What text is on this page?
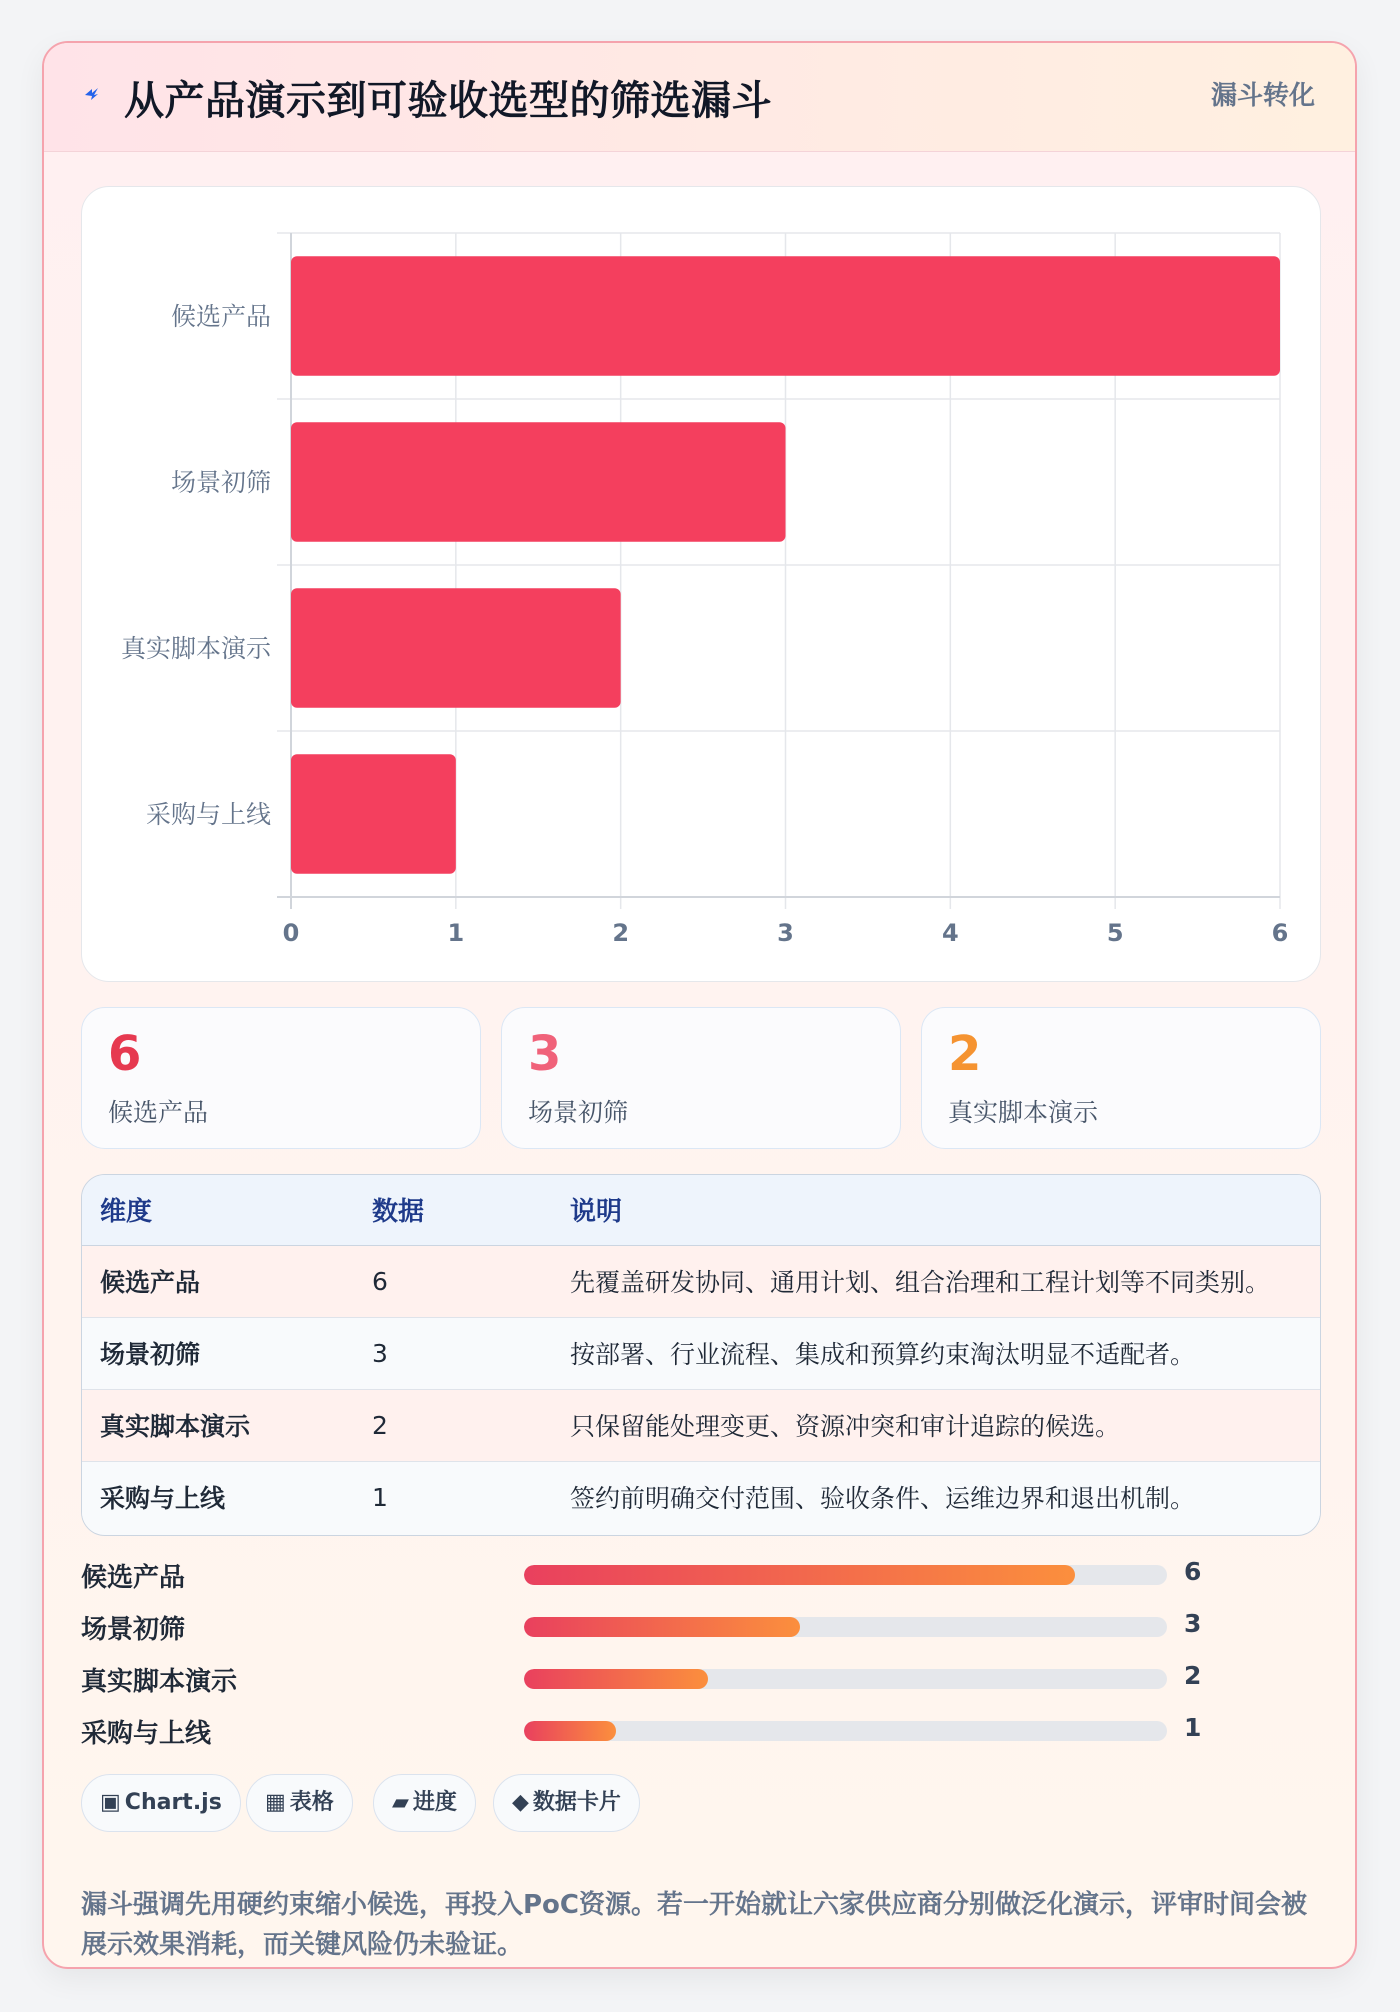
从产品演示到可验收选型的筛选漏斗	漏斗转化
候选产品
场景初筛
真实脚本演示
采购与上线
0	1	2	3	4	5	6
6
候选产品
3
场景初筛
2
真实脚本演示
维度	数据	说明
候选产品	6	先覆盖研发协同、通用计划、组合治理和工程计划等不同类别。
场景初筛	3	按部署、行业流程、集成和预算约束淘汰明显不适配者。
真实脚本演示	2	只保留能处理变更、资源冲突和审计追踪的候选。
采购与上线	1	签约前明确交付范围、验收条件、运维边界和退出机制。
候选产品	6
场景初筛	3
真实脚本演示	2
采购与上线	1
▣ Chart.js	▦ 表格	▰ 进度	◆ 数据卡片
漏斗强调先用硬约束缩小候选，再投入PoC资源。若一开始就让六家供应商分别做泛化演示，评审时间会被展示效果消耗，而关键风险仍未验证。
